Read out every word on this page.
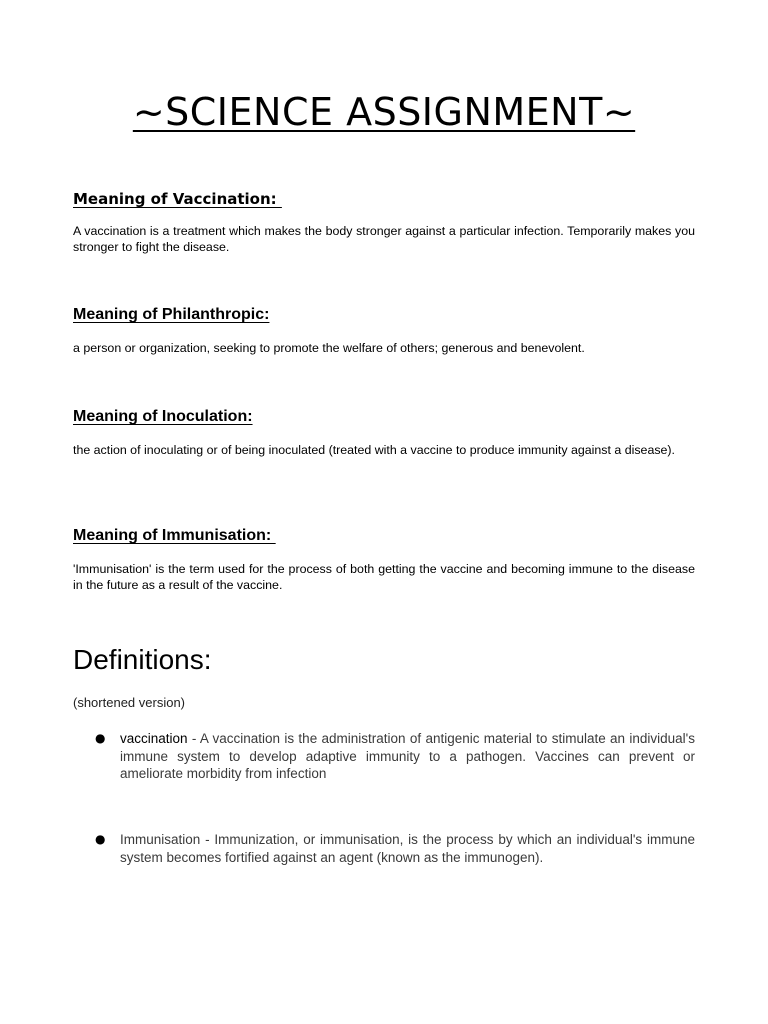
~SCIENCE ASSIGNMENT~
Meaning of Vaccination:
A vaccination is a treatment which makes the body stronger against a particular infection. Temporarily makes you stronger to fight the disease.
Meaning of Philanthropic:
a person or organization, seeking to promote the welfare of others; generous and benevolent.
Meaning of Inoculation:
the action of inoculating or of being inoculated (treated with a vaccine to produce immunity against a disease).
Meaning of Immunisation:
'Immunisation' is the term used for the process of both getting the vaccine and becoming immune to the disease in the future as a result of the vaccine.
Definitions:
(shortened version)
● vaccination - A vaccination is the administration of antigenic material to stimulate an individual's immune system to develop adaptive immunity to a pathogen. Vaccines can prevent or ameliorate morbidity from infection
● Immunisation - Immunization, or immunisation, is the process by which an individual's immune system becomes fortified against an agent (known as the immunogen).
